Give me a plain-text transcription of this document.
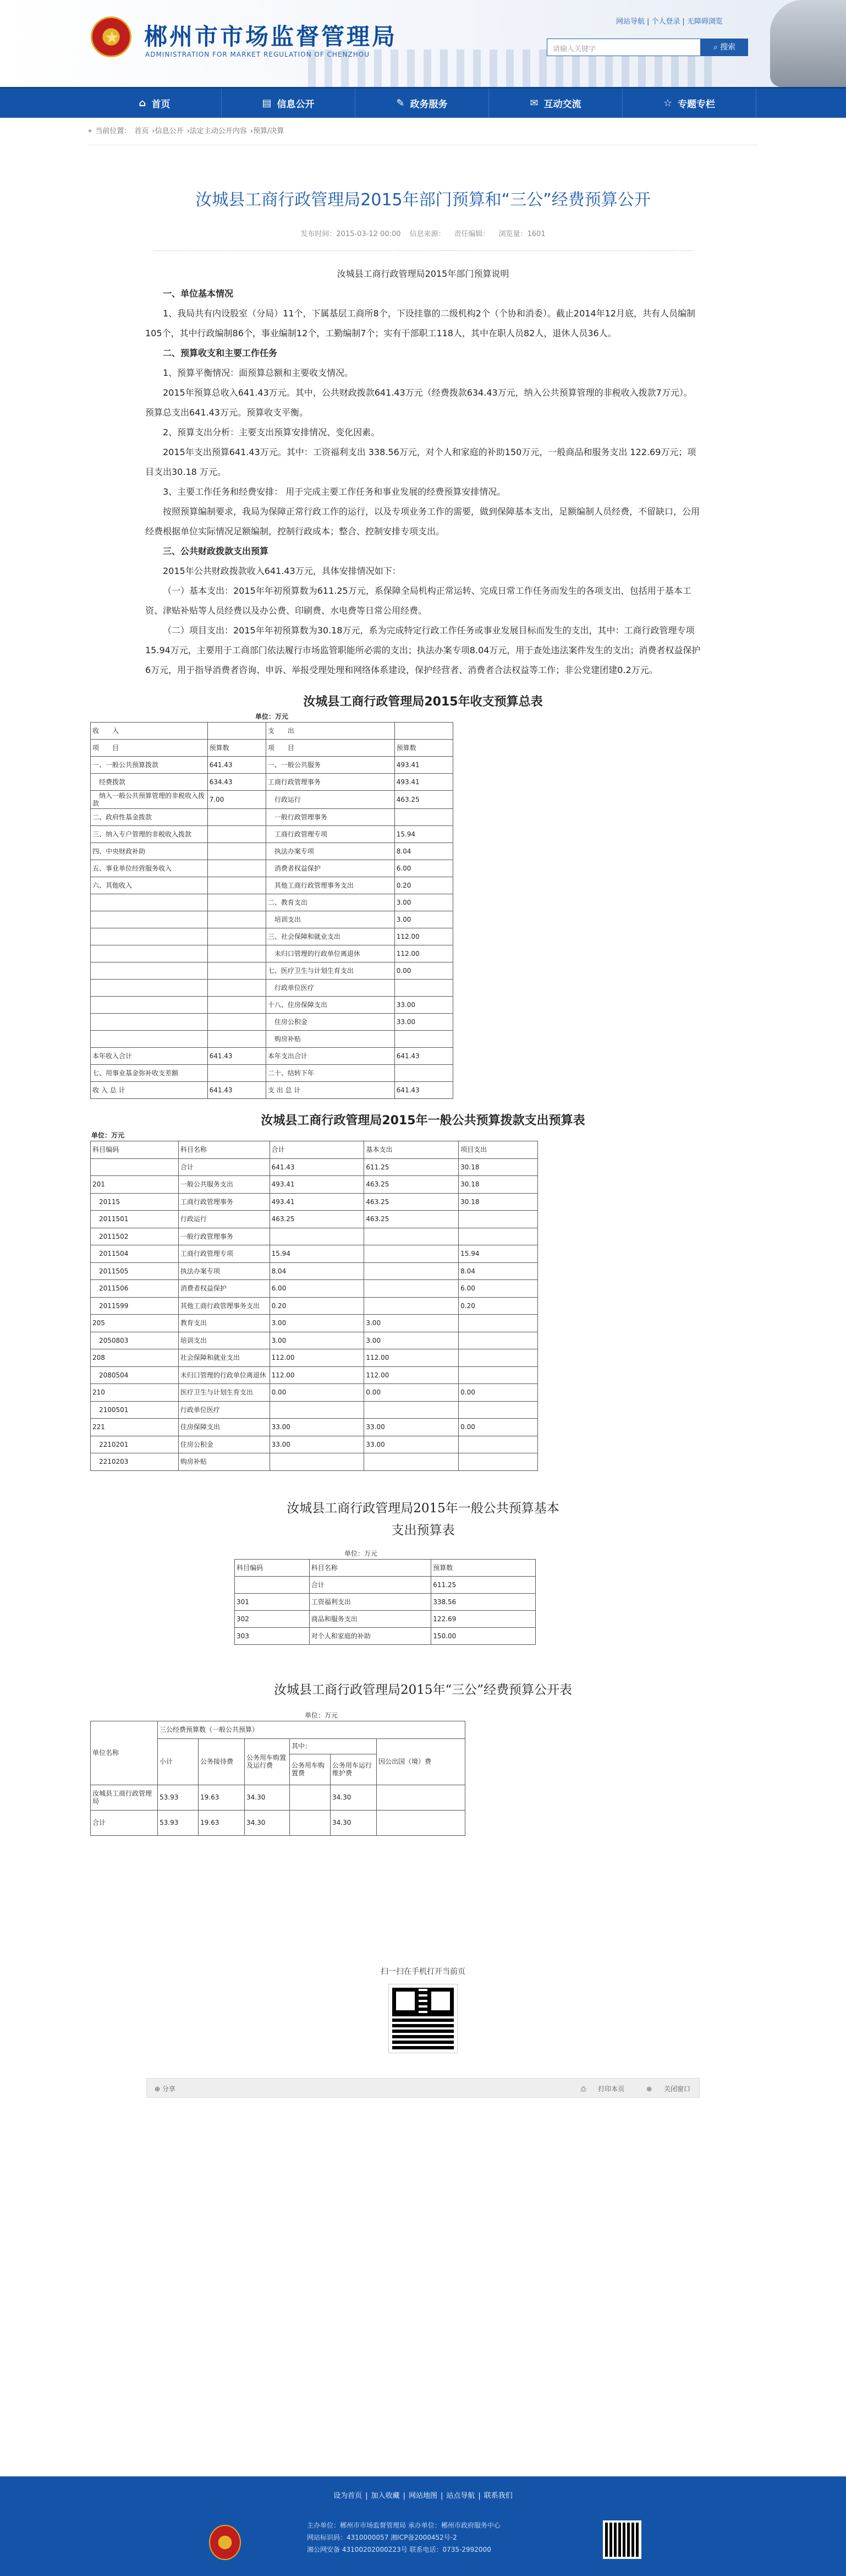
★ 郴州市市场监督管理局
ADMINISTRATION FOR MARKET REGULATION OF CHENZHOU
网站导航 | 个人登录 | 无障碍浏览
请输入关键字	⌕ 搜索
⌂ 首页	▤ 信息公开	✎ 政务服务	✉ 互动交流	☆ 专题专栏
⌖ 当前位置： 首页 ›信息公开 ›法定主动公开内容 ›预算/决算
汝城县工商行政管理局2015年部门预算和“三公”经费预算公开
发布时间：2015-03-12 00:00 信息来源： 责任编辑： 浏览量：1601

汝城县工商行政管理局2015年部门预算说明

一、单位基本情况

1、我局共有内设股室（分局）11个，下属基层工商所8个，下设挂靠的二级机构2个（个协和消委）。截止2014年12月底，共有人员编制105个，其中行政编制86个，事业编制12个，工勤编制7个；实有干部职工118人，其中在职人员82人，退休人员36人。

二、预算收支和主要工作任务

1、预算平衡情况：面预算总额和主要收支情况。

2015年预算总收入641.43万元。其中，公共财政拨款641.43万元（经费拨款634.43万元，纳入公共预算管理的非税收入拨款7万元）。预算总支出641.43万元。预算收支平衡。

2、预算支出分析：主要支出预算安排情况、变化因素。

2015年支出预算641.43万元。其中：工资福利支出 338.56万元，对个人和家庭的补助150万元，一般商品和服务支出 122.69万元；项目支出30.18 万元。

3、主要工作任务和经费安排： 用于完成主要工作任务和事业发展的经费预算安排情况。

按照预算编制要求，我局为保障正常行政工作的运行，以及专项业务工作的需要，做到保障基本支出，足额编制人员经费，不留缺口，公用经费根据单位实际情况足额编制，控制行政成本；整合、控制安排专项支出。

三、公共财政拨款支出预算

2015年公共财政拨款收入641.43万元，具体安排情况如下：

（一）基本支出：2015年年初预算数为611.25万元，系保障全局机构正常运转、完成日常工作任务而发生的各项支出，包括用于基本工资、津贴补贴等人员经费以及办公费、印刷费、水电费等日常公用经费。

（二）项目支出：2015年年初预算数为30.18万元，系为完成特定行政工作任务或事业发展目标而发生的支出，其中：工商行政管理专项15.94万元，主要用于工商部门依法履行市场监管职能所必需的支出；执法办案专项8.04万元，用于查处违法案件发生的支出；消费者权益保护6万元，用于指导消费者咨询、申诉、举报受理处理和网络体系建设，保护经营者、消费者合法权益等工作；非公党建团建0.2万元。

汝城县工商行政管理局2015年收支预算总表
单位：万元
收　　入		支　　出	
项　　目	预算数	项　　目	预算数
一、一般公共预算拨款	641.43	一、一般公共服务	493.41
　经费拨款	634.43	工商行政管理事务	493.41
　纳入一般公共预算管理的非税收入拨款	7.00	　行政运行	463.25
二、政府性基金拨款		　一般行政管理事务	
三、纳入专户管理的非税收入拨款		　工商行政管理专项	15.94
四、中央财政补助		　执法办案专项	8.04
五、事业单位经营服务收入		　消费者权益保护	6.00
六、其他收入		　其他工商行政管理事务支出	0.20
		二、教育支出	3.00
		　培训支出	3.00
		三、社会保障和就业支出	112.00
		　未归口管理的行政单位离退休	112.00
		七、医疗卫生与计划生育支出	0.00
		　行政单位医疗	
		十八、住房保障支出	33.00
		　住房公积金	33.00
		　购房补贴	
本年收入合计	641.43	本年支出合计	641.43
七、用事业基金弥补收支差额		二十、结转下年	
收 入 总 计	641.43	支 出 总 计	641.43
汝城县工商行政管理局2015年一般公共预算拨款支出预算表
单位：万元
科目编码	科目名称	合计	基本支出	项目支出
	合计	641.43	611.25	30.18
201	一般公共服务支出	493.41	463.25	30.18
　20115	工商行政管理事务	493.41	463.25	30.18
　2011501	行政运行	463.25	463.25	
　2011502	一般行政管理事务			
　2011504	工商行政管理专项	15.94		15.94
　2011505	执法办案专项	8.04		8.04
　2011506	消费者权益保护	6.00		6.00
　2011599	其他工商行政管理事务支出	0.20		0.20
205	教育支出	3.00	3.00	
　2050803	培训支出	3.00	3.00	
208	社会保障和就业支出	112.00	112.00	
　2080504	未归口管理的行政单位离退休	112.00	112.00	
210	医疗卫生与计划生育支出	0.00	0.00	0.00
　2100501	行政单位医疗			
221	住房保障支出	33.00	33.00	0.00
　2210201	住房公积金	33.00	33.00	
　2210203	购房补贴			
汝城县工商行政管理局2015年一般公共预算基本
支出预算表
单位：万元
科目编码	科目名称	预算数
	合计	611.25
301	工资福利支出	338.56
302	商品和服务支出	122.69
303	对个人和家庭的补助	150.00
汝城县工商行政管理局2015年“三公”经费预算公开表
单位：万元
单位名称	三公经费预算数（一般公共预算）					
	小计	公务接待费	公务用车购置及运行费	其中：		因公出国（境）费
				公务用车购置费	公务用车运行维护费	

汝城县工商行政管理局	53.93	19.63	34.30		34.30	
合计	53.93	19.63	34.30		34.30	
扫一扫在手机打开当前页
⊕ 分享	⎙ 打印本页	⊗ 关闭窗口
设为首页 | 加入收藏 | 网站地图 | 站点导航 | 联系我们
主办单位：郴州市市场监督管理局 承办单位：郴州市政府服务中心
网站标识码：4310000057 湘ICP备2000452号-2
湘公网安备 43100202000223号 联系电话：0735-2992000
